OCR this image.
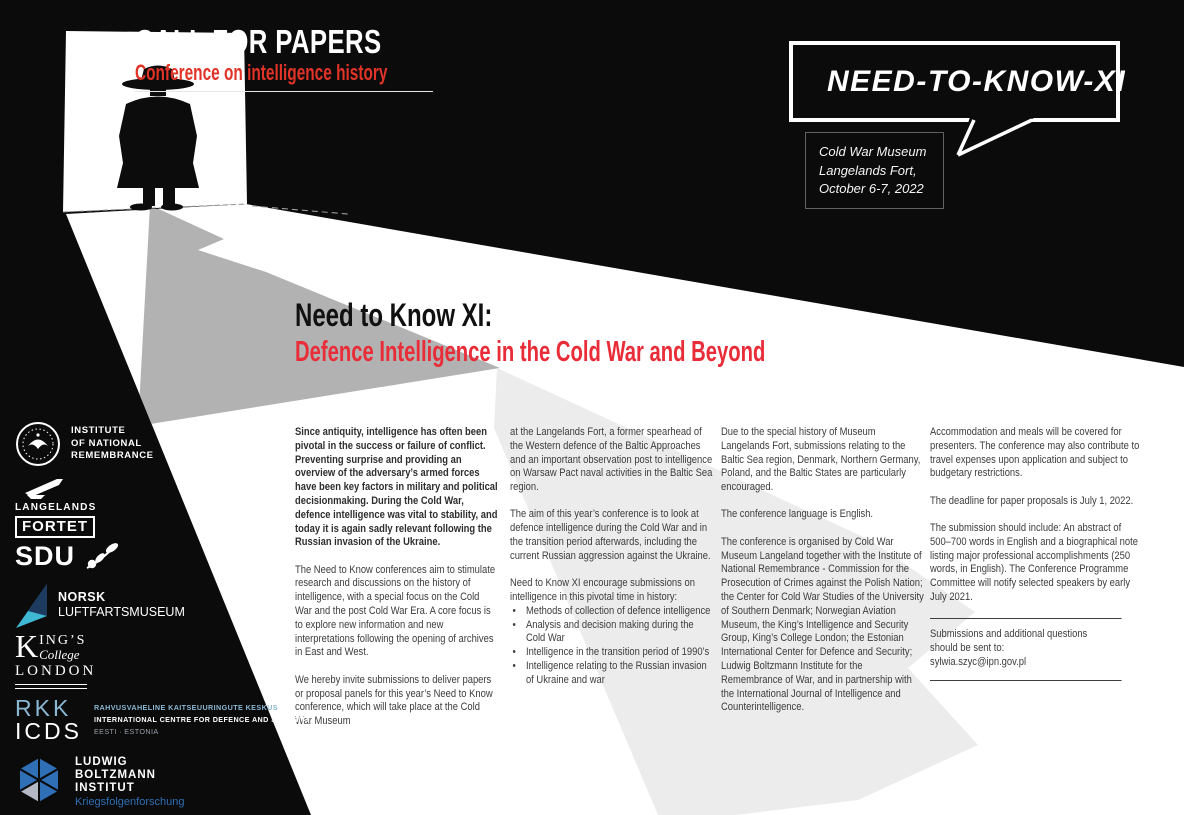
CALL FOR PAPERS
Conference on intelligence history	NEED-TO-KNOW-XI
Cold War Museum
Langelands Fort,
October 6-7, 2022
Need to Know XI:
Defence Intelligence in the Cold War and Beyond

Since antiquity, intelligence has often been pivotal in the success or failure of conflict. Preventing surprise and providing an overview of the adversary’s armed forces have been key factors in military and political decisionmaking. During the Cold War, defence intelligence was vital to stability, and today it is again sadly relevant following the Russian invasion of the Ukraine.

The Need to Know conferences aim to stimulate research and discussions on the history of intelligence, with a special focus on the Cold War and the post Cold War Era. A core focus is to explore new information and new interpretations following the opening of archives in East and West.

We hereby invite submissions to deliver papers or proposal panels for this year’s Need to Know conference, which will take place at the Cold War Museum

at the Langelands Fort, a former spearhead of the Western defence of the Baltic Approaches and an important observation post to intelligence on Warsaw Pact naval activities in the Baltic Sea region.

The aim of this year’s conference is to look at defence intelligence during the Cold War and in the transition period afterwards, including the current Russian aggression against the Ukraine.

Need to Know XI encourage submissions on intelligence in this pivotal time in history:

• Methods of collection of defence intelligence
• Analysis and decision making during the Cold War
• Intelligence in the transition period of 1990’s
• Intelligence relating to the Russian invasion of Ukraine and war

Due to the special history of Museum Langelands Fort, submissions relating to the Baltic Sea region, Denmark, Northern Germany, Poland, and the Baltic States are particularly encouraged.

The conference language is English.

The conference is organised by Cold War Museum Langeland together with the Institute of National Remembrance - Commission for the Prosecution of Crimes against the Polish Nation; the Center for Cold War Studies of the University of Southern Denmark; Norwegian Aviation Museum, the King’s Intelligence and Security Group, King’s College London; the Estonian International Center for Defence and Security; Ludwig Boltzmann Institute for the Remembrance of War, and in partnership with the International Journal of Intelligence and Counterintelligence.

Accommodation and meals will be covered for presenters. The conference may also contribute to travel expenses upon application and subject to budgetary restrictions.

The deadline for paper proposals is July 1, 2022.

The submission should include: An abstract of 500–700 words in English and a biographical note listing major professional accomplishments (250 words, in English). The Conference Programme Committee will notify selected speakers by early July 2021.

Submissions and additional questions

should be sent to:

sylwia.szyc@ipn.gov.pl

INSTITUTE
OF NATIONAL
REMEMBRANCE
LANGELANDS
FORTET
SDU
NORSK
LUFTFARTSMUSEUM
K ING’S
College
LONDON
RKK
ICDS
RAHVUSVAHELINE KAITSEUURINGUTE KESKUS
INTERNATIONAL CENTRE FOR DEFENCE AND SECURITY
EESTI · ESTONIA
LUDWIG
BOLTZMANN
INSTITUT
Kriegsfolgenforschung
